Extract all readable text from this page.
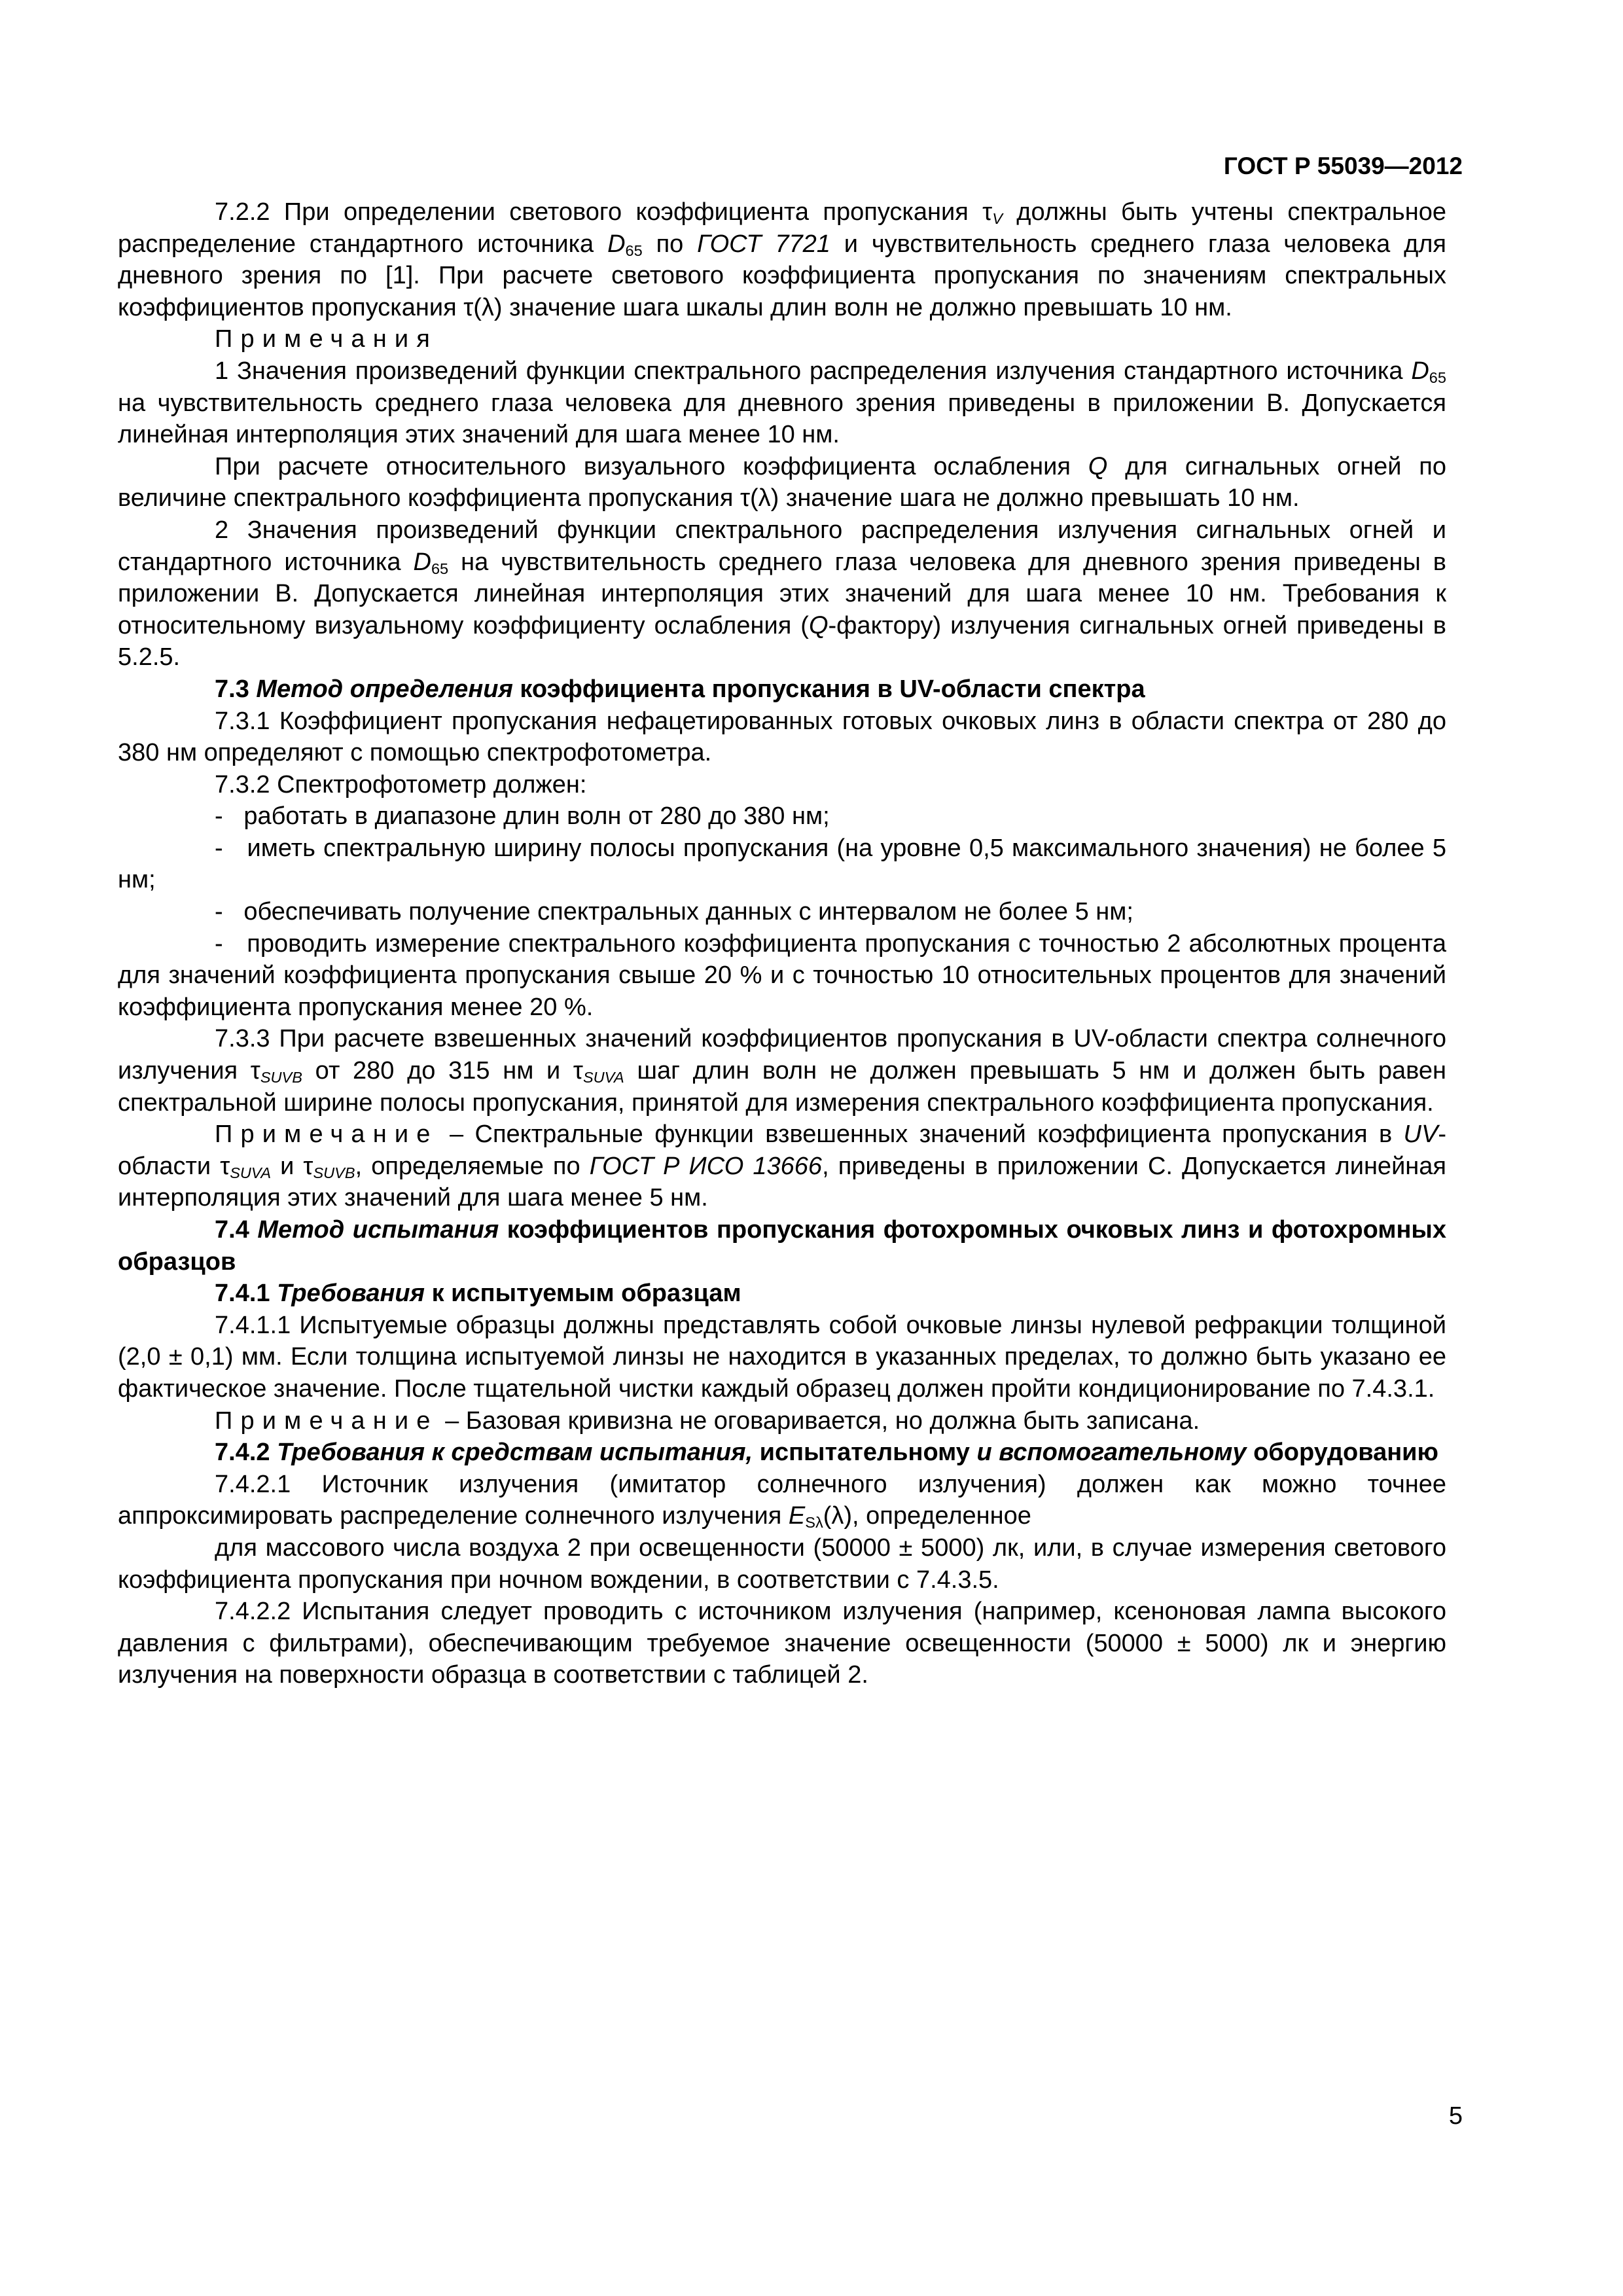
ГОСТ Р 55039—2012

7.2.2 При определении светового коэффициента пропускания $\tau_V$ должны быть учтены спектральное распределение стандартного источника $D_{65}$ по ГОСТ 7721 и чувствительность среднего глаза человека для дневного зрения по [1]. При расчете светового коэффициента пропускания по значениям спектральных коэффициентов пропускания τ(λ) значение шага шкалы длин волн не должно превышать 10 нм.

Примечания

1 Значения произведений функции спектрального распределения излучения стандартного источника $D_{65}$ на чувствительность среднего глаза человека для дневного зрения приведены в приложении В. Допускается линейная интерполяция этих значений для шага менее 10 нм.

При расчете относительного визуального коэффициента ослабления Q для сигнальных огней по величине спектрального коэффициента пропускания τ(λ) значение шага не должно превышать 10 нм.

2 Значения произведений функции спектрального распределения излучения сигнальных огней и стандартного источника $D_{65}$ на чувствительность среднего глаза человека для дневного зрения приведены в приложении В. Допускается линейная интерполяция этих значений для шага менее 10 нм. Требования к относительному визуальному коэффициенту ослабления (Q-фактору) излучения сигнальных огней приведены в 5.2.5.

7.3 Метод определения коэффициента пропускания в UV-области спектра

7.3.1 Коэффициент пропускания нефацетированных готовых очковых линз в области спектра от 280 до 380 нм определяют с помощью спектрофотометра.

7.3.2 Спектрофотометр должен:

-   работать в диапазоне длин волн от 280 до 380 нм;

-   иметь спектральную ширину полосы пропускания (на уровне 0,5 максимального значения) не более 5 нм;

-   обеспечивать получение спектральных данных с интервалом не более 5 нм;

-   проводить измерение спектрального коэффициента пропускания с точностью 2 абсолютных процента для значений коэффициента пропускания свыше 20 % и с точностью 10 относительных процентов для значений коэффициента пропускания менее 20 %.

7.3.3 При расчете взвешенных значений коэффициентов пропускания в UV-области спектра солнечного излучения $\tau_{SUVB}$ от 280 до 315 нм и $\tau_{SUVA}$ шаг длин волн не должен превышать 5 нм и должен быть равен спектральной ширине полосы пропускания, принятой для измерения спектрального коэффициента пропускания.

Примечание – Спектральные функции взвешенных значений коэффициента пропускания в UV-области $\tau_{SUVA}$ и $\tau_{SUVB}$, определяемые по ГОСТ Р ИСО 13666, приведены в приложении С. Допускается линейная интерполяция этих значений для шага менее 5 нм.

7.4 Метод испытания коэффициентов пропускания фотохромных очковых линз и фотохромных образцов

7.4.1 Требования к испытуемым образцам

7.4.1.1 Испытуемые образцы должны представлять собой очковые линзы нулевой рефракции толщиной (2,0 ± 0,1) мм. Если толщина испытуемой линзы не находится в указанных пределах, то должно быть указано ее фактическое значение. После тщательной чистки каждый образец должен пройти кондиционирование по 7.4.3.1.

Примечание – Базовая кривизна не оговаривается, но должна быть записана.

7.4.2 Требования к средствам испытания, испытательному и вспомогательному оборудованию

7.4.2.1 Источник излучения (имитатор солнечного излучения) должен как можно точнее аппроксимировать распределение солнечного излучения $E_{S\lambda}(\lambda)$, определенное

для массового числа воздуха 2 при освещенности (50000 ± 5000) лк, или, в случае измерения светового коэффициента пропускания при ночном вождении, в соответствии с 7.4.3.5.

7.4.2.2 Испытания следует проводить с источником излучения (например, ксеноновая лампа высокого давления с фильтрами), обеспечивающим требуемое значение освещенности (50000 ± 5000) лк и энергию излучения на поверхности образца в соответствии с таблицей 2.

5
